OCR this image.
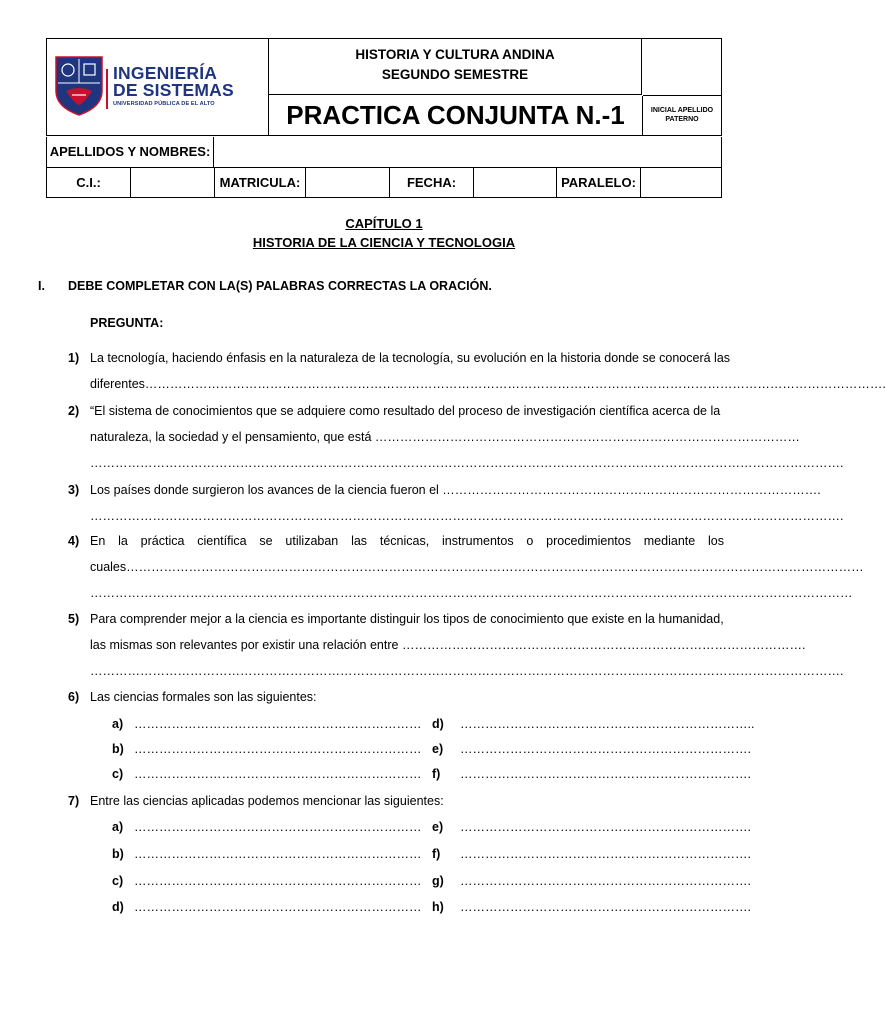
INGENIERÍA
DE SISTEMAS
UNIVERSIDAD PÚBLICA DE EL ALTO
HISTORIA Y CULTURA ANDINA
SEGUNDO SEMESTRE
PRACTICA CONJUNTA N.-1	INICIAL APELLIDO PATERNO
APELLIDOS Y NOMBRES:
C.I.:	MATRICULA:	FECHA:	PARALELO:
CAPÍTULO 1
HISTORIA DE LA CIENCIA Y TECNOLOGIA
I. DEBE COMPLETAR CON LA(S) PALABRAS CORRECTAS LA ORACIÓN.
PREGUNTA:
1) La tecnología, haciendo énfasis en la naturaleza de la tecnología, su evolución en la historia donde se conocerá las
diferentes…………………………………………………………………………………………………………………………………………………………….
2) “El sistema de conocimientos que se adquiere como resultado del proceso de investigación científica acerca de la
naturaleza, la sociedad y el pensamiento, que está …………………………………………………………………………………………
……………………………………………………………………………………………………………………………………………………………….
3) Los países donde surgieron los avances de la ciencia fueron el ……………………………………………………………………………….
……………………………………………………………………………………………………………………………………………………………….
4) En la práctica científica se utilizaban las técnicas, instrumentos o procedimientos mediante los
cuales……………………………………………………………………………………………………………………………………………………………
…………………………………………………………………………………………………………………………………………………………………
5) Para comprender mejor a la ciencia es importante distinguir los tipos de conocimiento que existe en la humanidad,
las mismas son relevantes por existir una relación entre …………………………………………………………………………………….
……………………………………………………………………………………………………………………………………………………………….
6) Las ciencias formales son las siguientes:
a) ……………………………………………………………
b) ……………………………………………………………
c) ……………………………………………………………
d) ……………………………………………………………..
e) …………………………………………………………….
f) …………………………………………………………….
7) Entre las ciencias aplicadas podemos mencionar las siguientes:
a) ……………………………………………………………
b) ……………………………………………………………
c) ……………………………………………………………
d) ……………………………………………………………
e) …………………………………………………………….
f) …………………………………………………………….
g) …………………………………………………………….
h) …………………………………………………………….
